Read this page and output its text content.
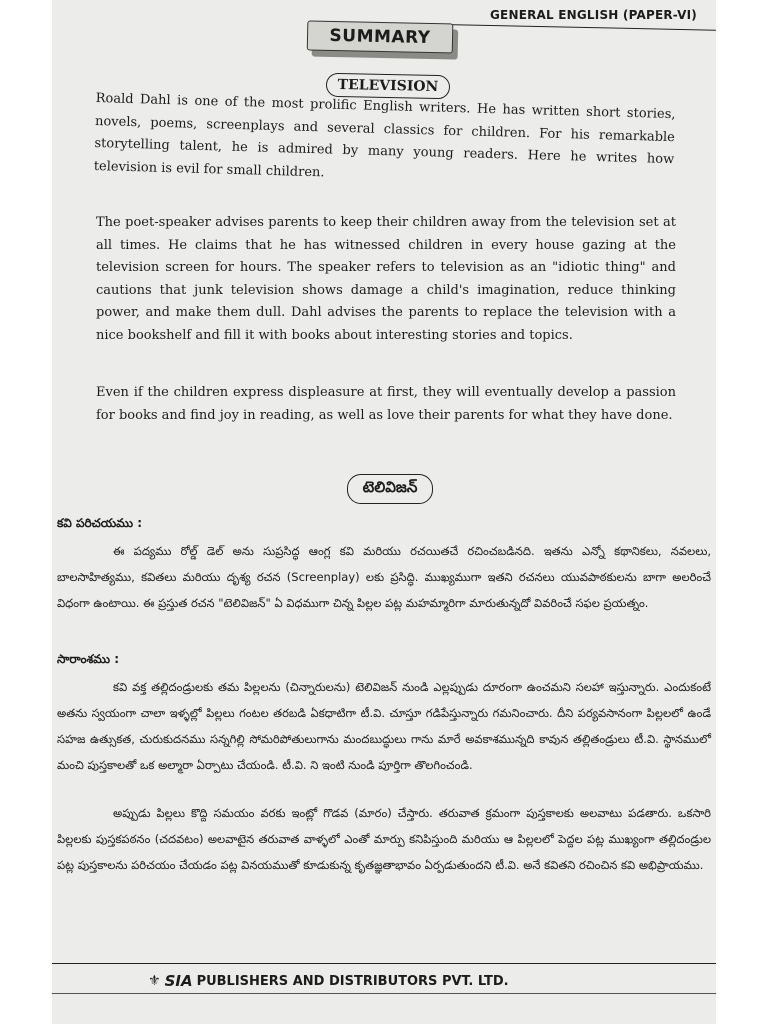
GENERAL ENGLISH (PAPER-VI)
SUMMARY
TELEVISION

Roald Dahl is one of the most prolific English writers. He has written short stories, novels, poems, screenplays and several classics for children. For his remarkable storytelling talent, he is admired by many young readers. Here he writes how television is evil for small children.

The poet-speaker advises parents to keep their children away from the television set at all times. He claims that he has witnessed children in every house gazing at the television screen for hours. The speaker refers to television as an "idiotic thing" and cautions that junk television shows damage a child's imagination, reduce thinking power, and make them dull. Dahl advises the parents to replace the television with a nice bookshelf and fill it with books about interesting stories and topics.

Even if the children express displeasure at first, they will eventually develop a passion for books and find joy in reading, as well as love their parents for what they have done.

టెలివిజన్
కవి పరిచయము :

ఈ పద్యము రోల్డ్ డెల్ అను సుప్రసిద్ధ ఆంగ్ల కవి మరియు రచయితచే రచించబడినది. ఇతను ఎన్నో కథానికలు, నవలలు, బాలసాహిత్యము, కవితలు మరియు దృశ్య రచన (Screenplay) లకు ప్రసిద్ధి. ముఖ్యముగా ఇతని రచనలు యువపాఠకులను బాగా అలరించే విధంగా ఉంటాయి. ఈ ప్రస్తుత రచన "టెలివిజన్" ఏ విధముగా చిన్న పిల్లల పట్ల మహమ్మారిగా మారుతున్నదో వివరించే సఫల ప్రయత్నం.

సారాంశము :

కవి వక్త తల్లిదండ్రులకు తమ పిల్లలను (చిన్నారులను) టెలివిజన్ నుండి ఎల్లప్పుడు దూరంగా ఉంచమని సలహా ఇస్తున్నారు. ఎందుకంటే అతను స్వయంగా చాలా ఇళ్ళల్లో పిల్లలు గంటల తరబడి ఏకధాటిగా టీ.వి. చూస్తూ గడిపేస్తున్నారు గమనించారు. దీని పర్యవసానంగా పిల్లలలో ఉండే సహజ ఉత్సుకత, చురుకుదనము సన్నగిల్లి సోమరిపోతులుగాను మందబుద్ధులు గాను మారే అవకాశమున్నది కావున తల్లితండ్రులు టీ.వి. స్థానములో మంచి పుస్తకాలతో ఒక అల్మారా ఏర్పాటు చేయండి. టీ.వి. ని ఇంటి నుండి పూర్తిగా తొలగించండి.

అప్పుడు పిల్లలు కొద్ది సమయం వరకు ఇంట్లో గొడవ (మారం) చేస్తారు. తరువాత క్రమంగా పుస్తకాలకు అలవాటు పడతారు. ఒకసారి పిల్లలకు పుస్తకపఠనం (చదవటం) అలవాటైన తరువాత వాళ్ళలో ఎంతో మార్పు కనిపిస్తుంది మరియు ఆ పిల్లలలో పెద్దల పట్ల ముఖ్యంగా తల్లిదండ్రుల పట్ల పుస్తకాలను పరిచయం చేయడం పట్ల వినయముతో కూడుకున్న కృతజ్ఞతాభావం ఏర్పడుతుందని టీ.వి. అనే కవితని రచించిన కవి అభిప్రాయము.

⚜ SIA PUBLISHERS AND DISTRIBUTORS PVT. LTD.
